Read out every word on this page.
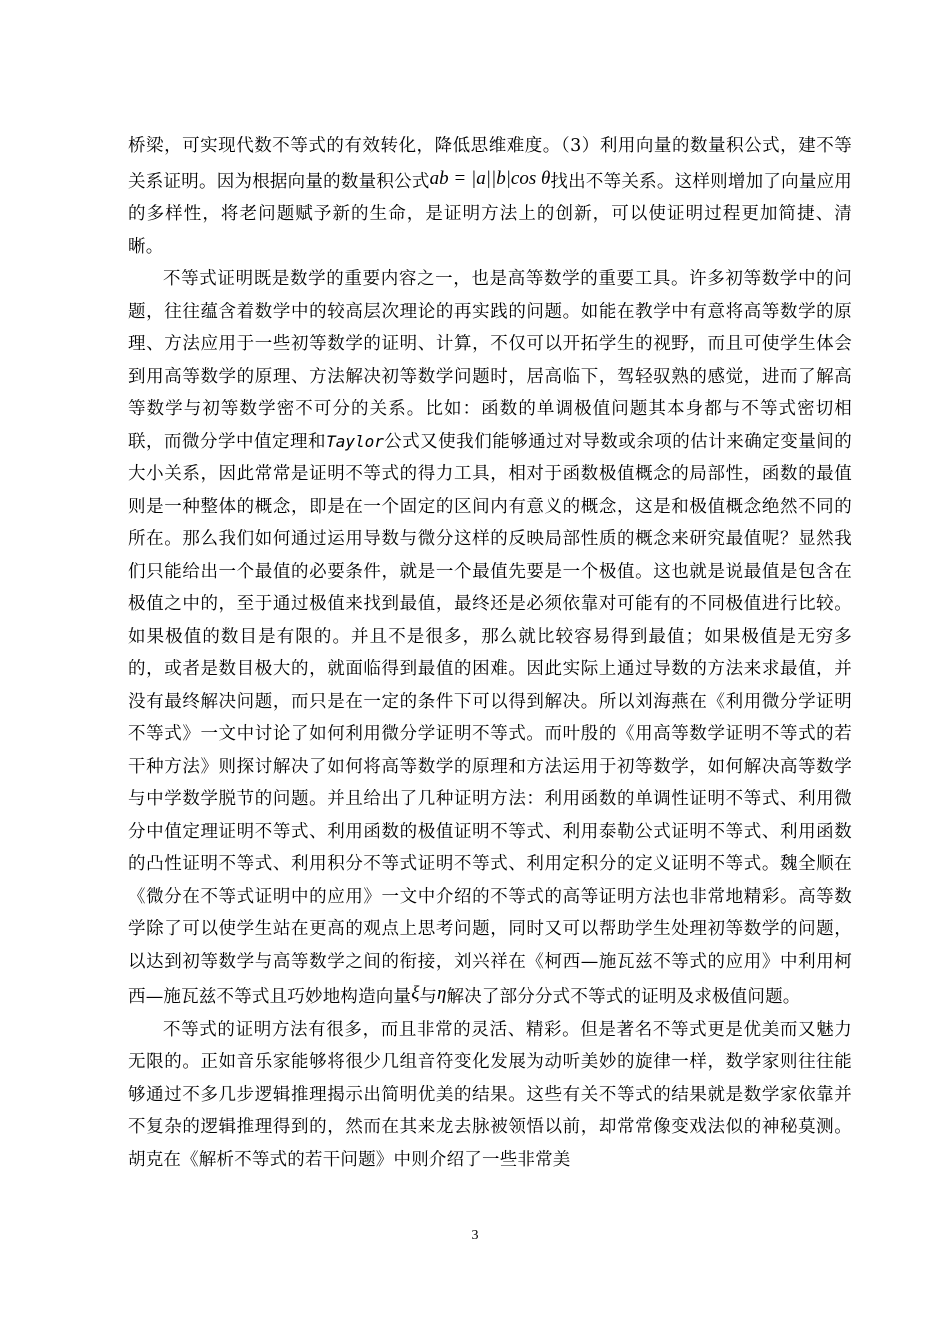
桥梁，可实现代数不等式的有效转化，降低思维难度。（3）利用向量的数量积公式，建不等关系证明。因为根据向量的数量积公式ab = |a||b|cos θ找出不等关系。这样则增加了向量应用的多样性，将老问题赋予新的生命，是证明方法上的创新，可以使证明过程更加简捷、清晰。

不等式证明既是数学的重要内容之一，也是高等数学的重要工具。许多初等数学中的问题，往往蕴含着数学中的较高层次理论的再实践的问题。如能在教学中有意将高等数学的原理、方法应用于一些初等数学的证明、计算，不仅可以开拓学生的视野，而且可使学生体会到用高等数学的原理、方法解决初等数学问题时，居高临下，驾轻驭熟的感觉，进而了解高等数学与初等数学密不可分的关系。比如：函数的单调极值问题其本身都与不等式密切相联，而微分学中值定理和Taylor公式又使我们能够通过对导数或余项的估计来确定变量间的大小关系，因此常常是证明不等式的得力工具，相对于函数极值概念的局部性，函数的最值则是一种整体的概念，即是在一个固定的区间内有意义的概念，这是和极值概念绝然不同的所在。那么我们如何通过运用导数与微分这样的反映局部性质的概念来研究最值呢？显然我们只能给出一个最值的必要条件，就是一个最值先要是一个极值。这也就是说最值是包含在极值之中的，至于通过极值来找到最值，最终还是必须依靠对可能有的不同极值进行比较。如果极值的数目是有限的。并且不是很多，那么就比较容易得到最值；如果极值是无穷多的，或者是数目极大的，就面临得到最值的困难。因此实际上通过导数的方法来求最值，并没有最终解决问题，而只是在一定的条件下可以得到解决。所以刘海燕在《利用微分学证明不等式》一文中讨论了如何利用微分学证明不等式。而叶殷的《用高等数学证明不等式的若干种方法》则探讨解决了如何将高等数学的原理和方法运用于初等数学，如何解决高等数学与中学数学脱节的问题。并且给出了几种证明方法：利用函数的单调性证明不等式、利用微分中值定理证明不等式、利用函数的极值证明不等式、利用泰勒公式证明不等式、利用函数的凸性证明不等式、利用积分不等式证明不等式、利用定积分的定义证明不等式。魏全顺在《微分在不等式证明中的应用》一文中介绍的不等式的高等证明方法也非常地精彩。高等数学除了可以使学生站在更高的观点上思考问题，同时又可以帮助学生处理初等数学的问题，以达到初等数学与高等数学之间的衔接，刘兴祥在《柯西—施瓦兹不等式的应用》中利用柯西—施瓦兹不等式且巧妙地构造向量ξ与η解决了部分分式不等式的证明及求极值问题。

不等式的证明方法有很多，而且非常的灵活、精彩。但是著名不等式更是优美而又魅力无限的。正如音乐家能够将很少几组音符变化发展为动听美妙的旋律一样，数学家则往往能够通过不多几步逻辑推理揭示出简明优美的结果。这些有关不等式的结果就是数学家依靠并不复杂的逻辑推理得到的，然而在其来龙去脉被领悟以前，却常常像变戏法似的神秘莫测。胡克在《解析不等式的若干问题》中则介绍了一些非常美

3
